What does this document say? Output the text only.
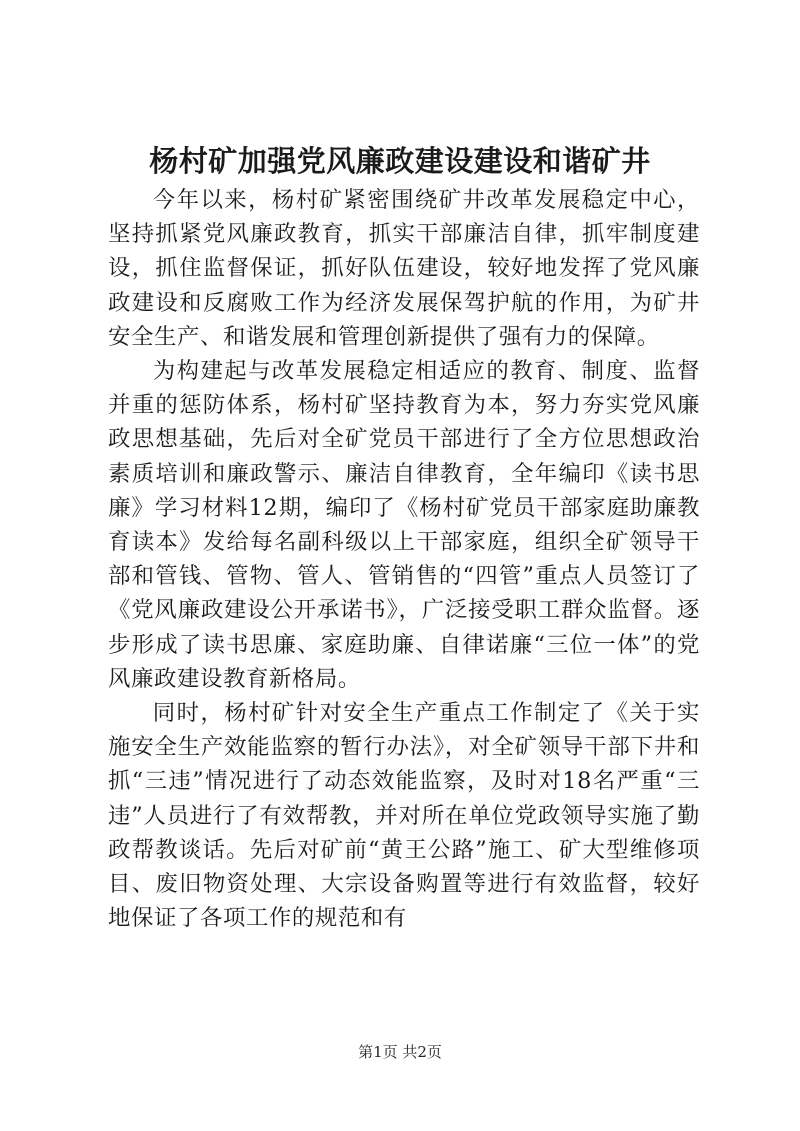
杨村矿加强党风廉政建设建设和谐矿井

今年以来，杨村矿紧密围绕矿井改革发展稳定中心，坚持抓紧党风廉政教育，抓实干部廉洁自律，抓牢制度建设，抓住监督保证，抓好队伍建设，较好地发挥了党风廉政建设和反腐败工作为经济发展保驾护航的作用，为矿井安全生产、和谐发展和管理创新提供了强有力的保障。

为构建起与改革发展稳定相适应的教育、制度、监督并重的惩防体系，杨村矿坚持教育为本，努力夯实党风廉政思想基础，先后对全矿党员干部进行了全方位思想政治素质培训和廉政警示、廉洁自律教育，全年编印《读书思廉》学习材料12期，编印了《杨村矿党员干部家庭助廉教育读本》发给每名副科级以上干部家庭，组织全矿领导干部和管钱、管物、管人、管销售的“四管”重点人员签订了《党风廉政建设公开承诺书》，广泛接受职工群众监督。逐步形成了读书思廉、家庭助廉、自律诺廉“三位一体”的党风廉政建设教育新格局。

同时，杨村矿针对安全生产重点工作制定了《关于实施安全生产效能监察的暂行办法》，对全矿领导干部下井和抓“三违”情况进行了动态效能监察，及时对18名严重“三违”人员进行了有效帮教，并对所在单位党政领导实施了勤政帮教谈话。先后对矿前“黄王公路”施工、矿大型维修项目、废旧物资处理、大宗设备购置等进行有效监督，较好地保证了各项工作的规范和有

第1页 共2页
